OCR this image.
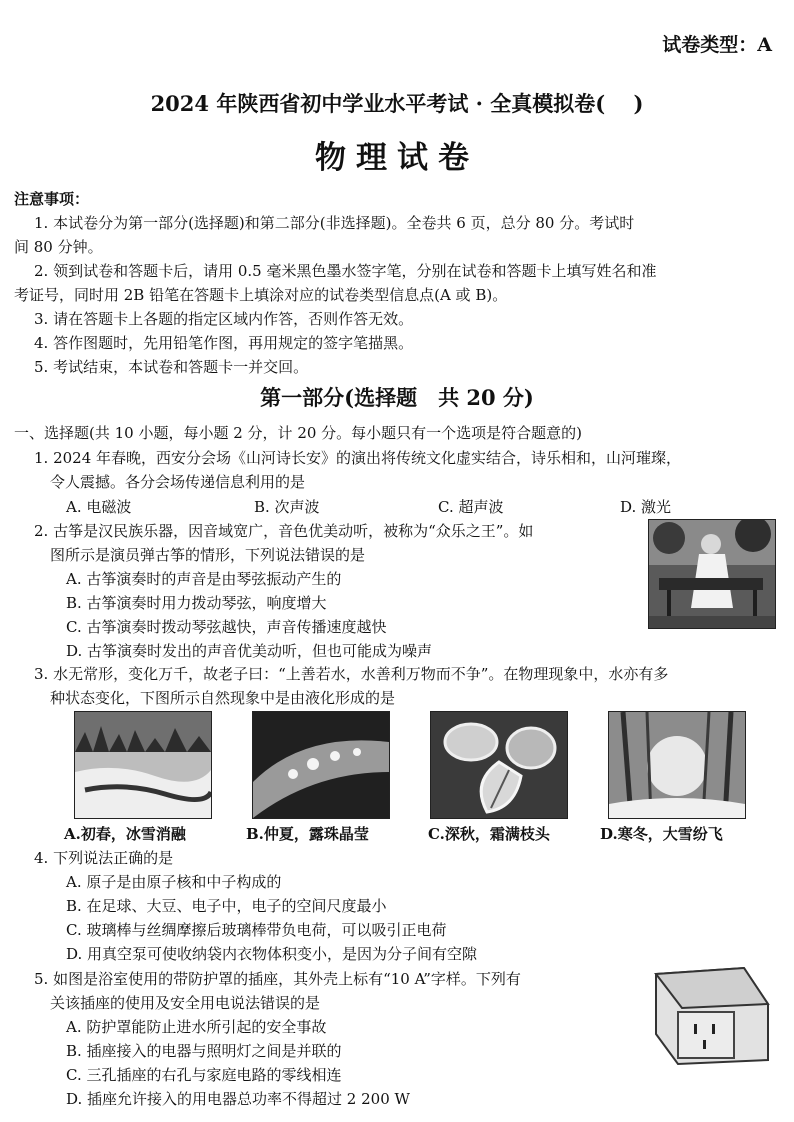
试卷类型：A
2024 年陕西省初中学业水平考试 · 全真模拟卷(　 )
物理试卷
注意事项：
1. 本试卷分为第一部分(选择题)和第二部分(非选择题)。全卷共 6 页，总分 80 分。考试时
间 80 分钟。
2. 领到试卷和答题卡后，请用 0.5 毫米黑色墨水签字笔，分别在试卷和答题卡上填写姓名和准
考证号，同时用 2B 铅笔在答题卡上填涂对应的试卷类型信息点(A 或 B)。
3. 请在答题卡上各题的指定区域内作答，否则作答无效。
4. 答作图题时，先用铅笔作图，再用规定的签字笔描黑。
5. 考试结束，本试卷和答题卡一并交回。
第一部分(选择题　共 20 分)
一、选择题(共 10 小题，每小题 2 分，计 20 分。每小题只有一个选项是符合题意的)
1. 2024 年春晚，西安分会场《山河诗长安》的演出将传统文化虚实结合，诗乐相和，山河璀璨，
令人震撼。各分会场传递信息利用的是
A. 电磁波	B. 次声波	C. 超声波	D. 激光
2. 古筝是汉民族乐器，因音域宽广，音色优美动听，被称为“众乐之王”。如
图所示是演员弹古筝的情形，下列说法错误的是
A. 古筝演奏时的声音是由琴弦振动产生的
B. 古筝演奏时用力拨动琴弦，响度增大
C. 古筝演奏时拨动琴弦越快，声音传播速度越快
D. 古筝演奏时发出的声音优美动听，但也可能成为噪声
3. 水无常形，变化万千，故老子曰：“上善若水，水善利万物而不争”。在物理现象中，水亦有多
种状态变化，下图所示自然现象中是由液化形成的是
A.初春，冰雪消融	B.仲夏，露珠晶莹	C.深秋，霜满枝头	D.寒冬，大雪纷飞
4. 下列说法正确的是
A. 原子是由原子核和中子构成的
B. 在足球、大豆、电子中，电子的空间尺度最小
C. 玻璃棒与丝绸摩擦后玻璃棒带负电荷，可以吸引正电荷
D. 用真空泵可使收纳袋内衣物体积变小，是因为分子间有空隙
5. 如图是浴室使用的带防护罩的插座，其外壳上标有“10 A”字样。下列有
关该插座的使用及安全用电说法错误的是
A. 防护罩能防止进水所引起的安全事故
B. 插座接入的电器与照明灯之间是并联的
C. 三孔插座的右孔与家庭电路的零线相连
D. 插座允许接入的用电器总功率不得超过 2 200 W
